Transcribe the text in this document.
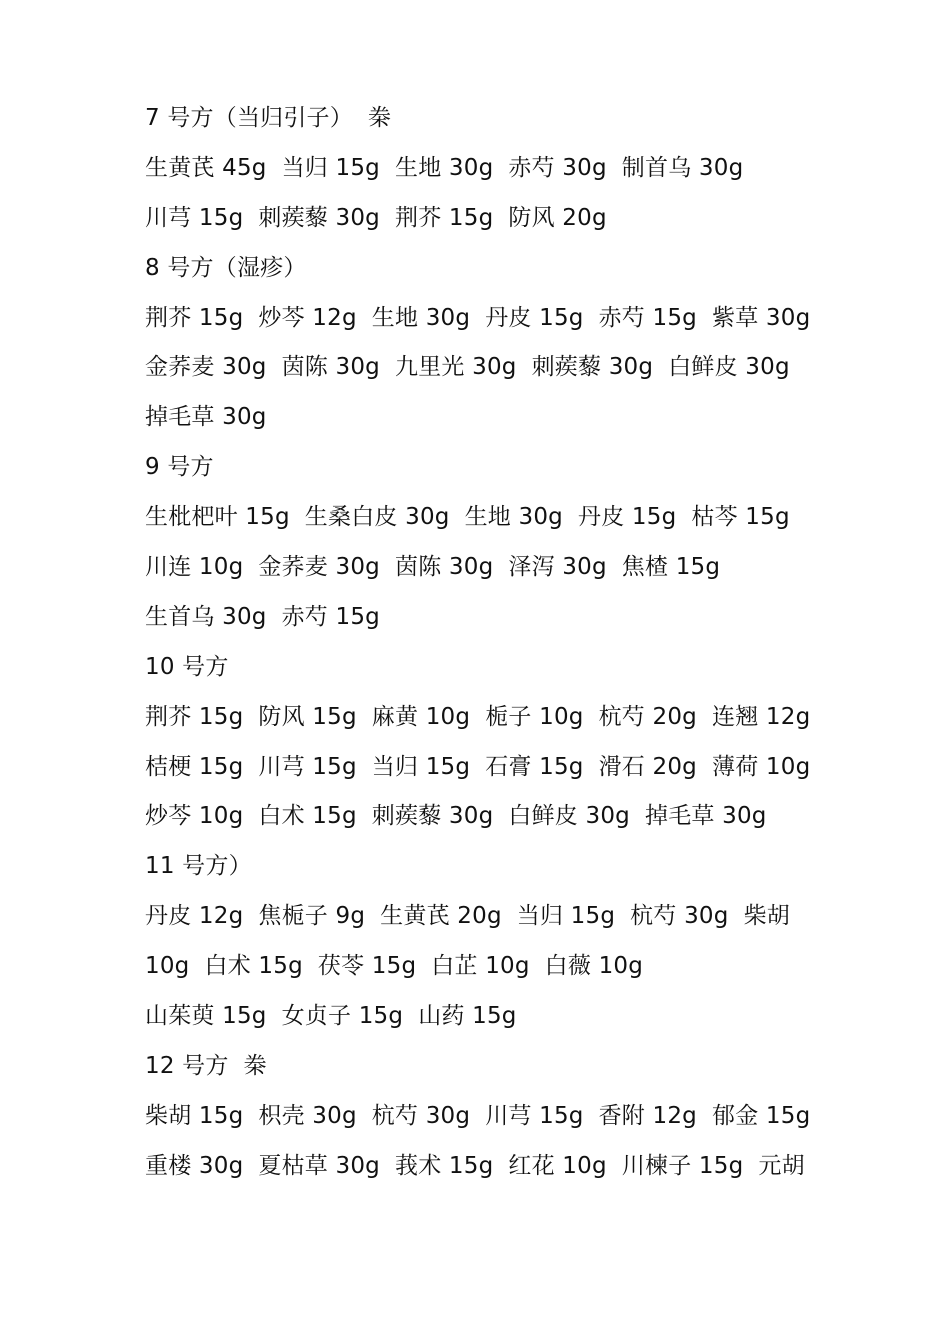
7 号方（当归引子）  桊
生黄芪 45g  当归 15g  生地 30g  赤芍 30g  制首乌 30g
川芎 15g  刺蒺藜 30g  荆芥 15g  防风 20g
8 号方（湿疹）
荆芥 15g  炒芩 12g  生地 30g  丹皮 15g  赤芍 15g  紫草 30g
金荞麦 30g  茵陈 30g  九里光 30g  刺蒺藜 30g  白鲜皮 30g
掉毛草 30g
9 号方
生枇杷叶 15g  生桑白皮 30g  生地 30g  丹皮 15g  枯芩 15g
川连 10g  金荞麦 30g  茵陈 30g  泽泻 30g  焦楂 15g
生首乌 30g  赤芍 15g
10 号方
荆芥 15g  防风 15g  麻黄 10g  栀子 10g  杭芍 20g  连翘 12g
桔梗 15g  川芎 15g  当归 15g  石膏 15g  滑石 20g  薄荷 10g
炒芩 10g  白术 15g  刺蒺藜 30g  白鲜皮 30g  掉毛草 30g
11 号方）
丹皮 12g  焦栀子 9g  生黄芪 20g  当归 15g  杭芍 30g  柴胡
10g  白术 15g  茯苓 15g  白芷 10g  白薇 10g
山茱萸 15g  女贞子 15g  山药 15g
12 号方  桊
柴胡 15g  枳壳 30g  杭芍 30g  川芎 15g  香附 12g  郁金 15g
重楼 30g  夏枯草 30g  莪术 15g  红花 10g  川楝子 15g  元胡
